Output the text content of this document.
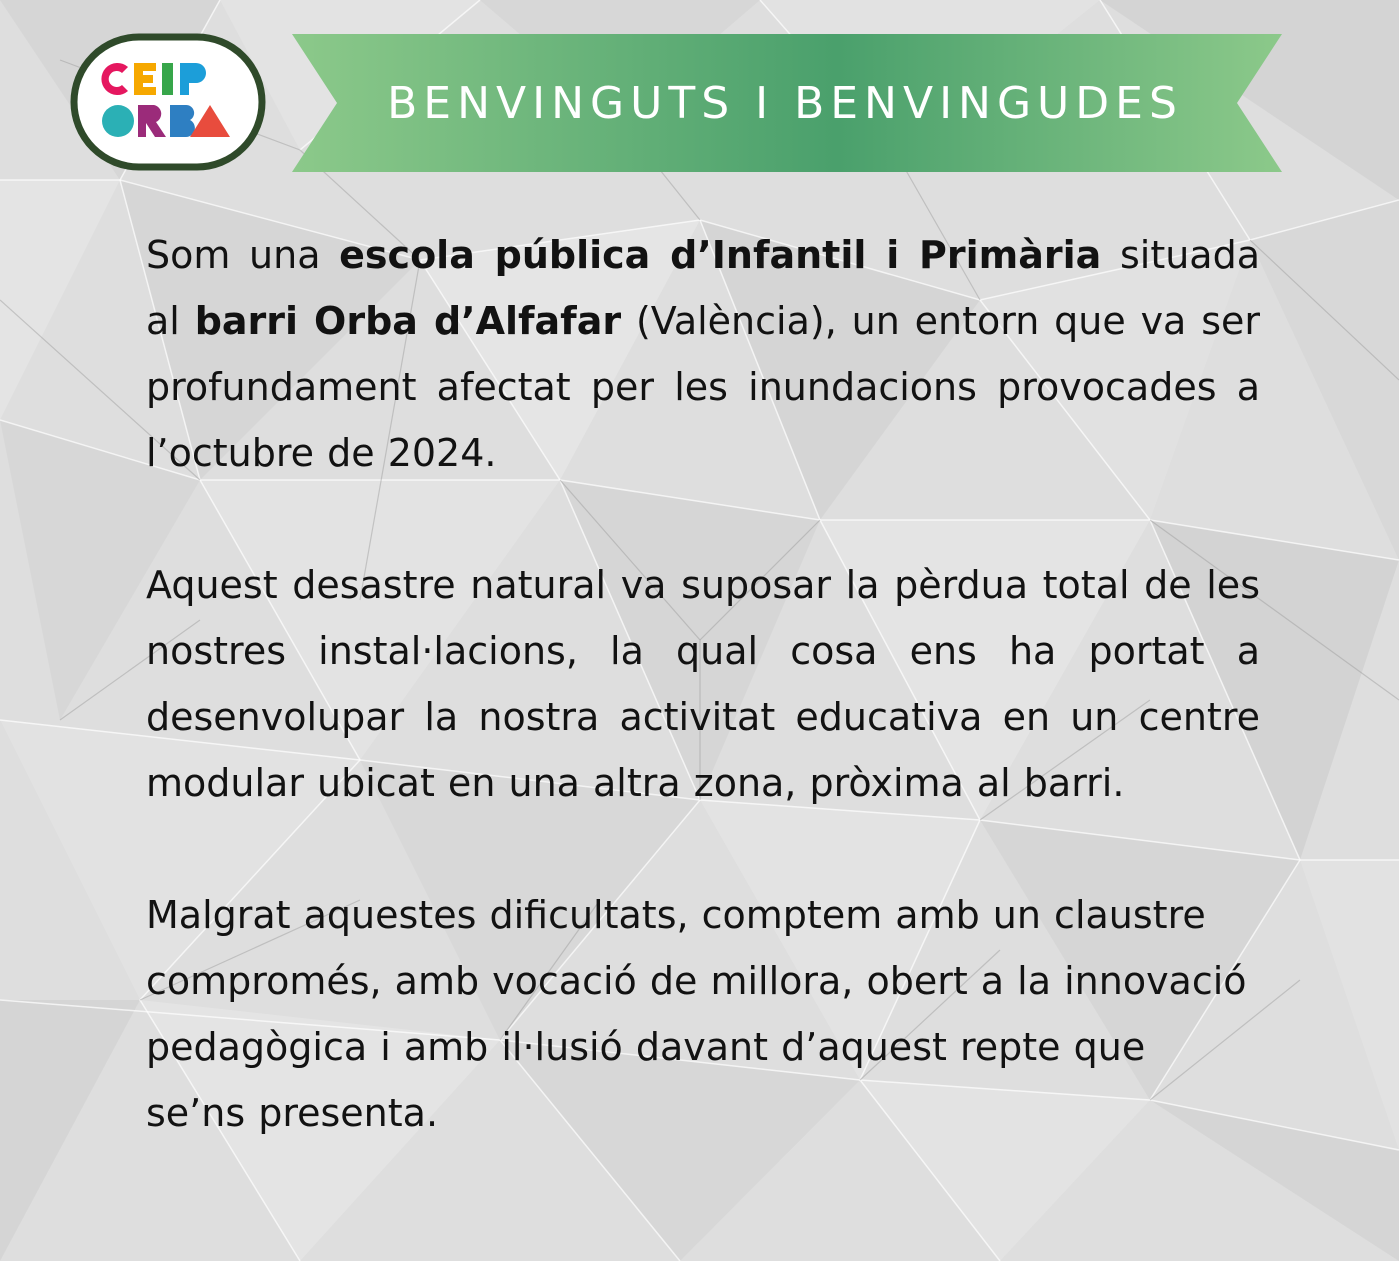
BENVINGUTS I BENVINGUDES

Som una escola pública d’Infantil i Primària situada al barri Orba d’Alfafar (València), un entorn que va ser profundament afectat per les inundacions provocades a l’octubre de 2024.

Aquest desastre natural va suposar la pèrdua total de les nostres instal·lacions, la qual cosa ens ha portat a desenvolupar la nostra activitat educativa en un centre modular ubicat en una altra zona, pròxima al barri.

Malgrat aquestes dificultats, comptem amb un claustre compromés, amb vocació de millora, obert a la innovació pedagògica i amb il·lusió davant d’aquest repte que se’ns presenta.
